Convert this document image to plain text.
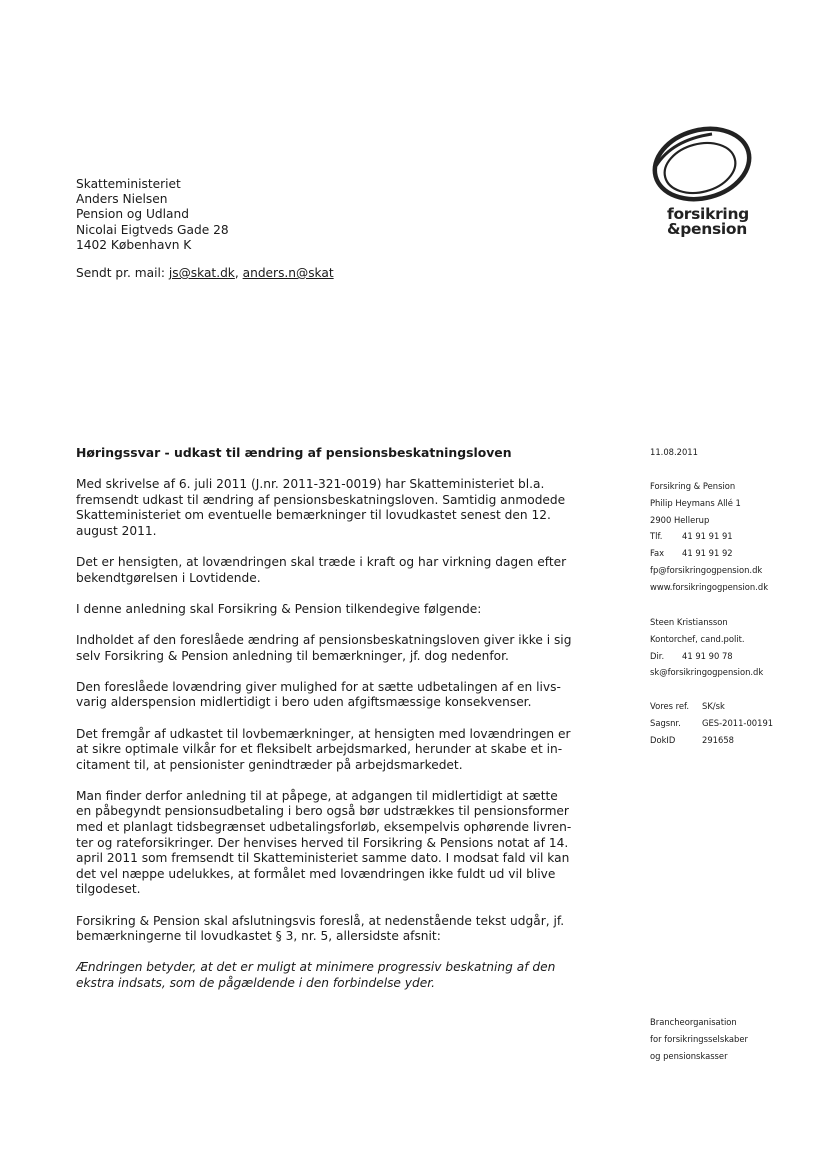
forsikring
&pension
Skatteministeriet
Anders Nielsen
Pension og Udland
Nicolai Eigtveds Gade 28
1402 København K
Sendt pr. mail: js@skat.dk, anders.n@skat
Høringssvar - udkast til ændring af pensionsbeskatningsloven

Med skrivelse af 6. juli 2011 (J.nr. 2011-321-0019) har Skatteministeriet bl.a.
fremsendt udkast til ændring af pensionsbeskatningsloven. Samtidig anmodede
Skatteministeriet om eventuelle bemærkninger til lovudkastet senest den 12.
august 2011.

Det er hensigten, at lovændringen skal træde i kraft og har virkning dagen efter
bekendtgørelsen i Lovtidende.

I denne anledning skal Forsikring & Pension tilkendegive følgende:

Indholdet af den foreslåede ændring af pensionsbeskatningsloven giver ikke i sig
selv Forsikring & Pension anledning til bemærkninger, jf. dog nedenfor.

Den foreslåede lovændring giver mulighed for at sætte udbetalingen af en livs-
varig alderspension midlertidigt i bero uden afgiftsmæssige konsekvenser.

Det fremgår af udkastet til lovbemærkninger, at hensigten med lovændringen er
at sikre optimale vilkår for et fleksibelt arbejdsmarked, herunder at skabe et in-
citament til, at pensionister genindtræder på arbejdsmarkedet.

Man finder derfor anledning til at påpege, at adgangen til midlertidigt at sætte
en påbegyndt pensionsudbetaling i bero også bør udstrækkes til pensionsformer
med et planlagt tidsbegrænset udbetalingsforløb, eksempelvis ophørende livren-
ter og rateforsikringer. Der henvises herved til Forsikring & Pensions notat af 14.
april 2011 som fremsendt til Skatteministeriet samme dato. I modsat fald vil kan
det vel næppe udelukkes, at formålet med lovændringen ikke fuldt ud vil blive
tilgodeset.

Forsikring & Pension skal afslutningsvis foreslå, at nedenstående tekst udgår, jf.
bemærkningerne til lovudkastet § 3, nr. 5, allersidste afsnit:

Ændringen betyder, at det er muligt at minimere progressiv beskatning af den
ekstra indsats, som de pågældende i den forbindelse yder.

11.08.2011
Forsikring & Pension
Philip Heymans Allé 1
2900 Hellerup
Tlf. 41 91 91 91
Fax 41 91 91 92
fp@forsikringogpension.dk
www.forsikringogpension.dk
Steen Kristiansson
Kontorchef, cand.polit.
Dir. 41 91 90 78
sk@forsikringogpension.dk
Vores ref. SK/sk
Sagsnr.	GES-2011-00191
DokID	291658
Brancheorganisation
for forsikringsselskaber
og pensionskasser
